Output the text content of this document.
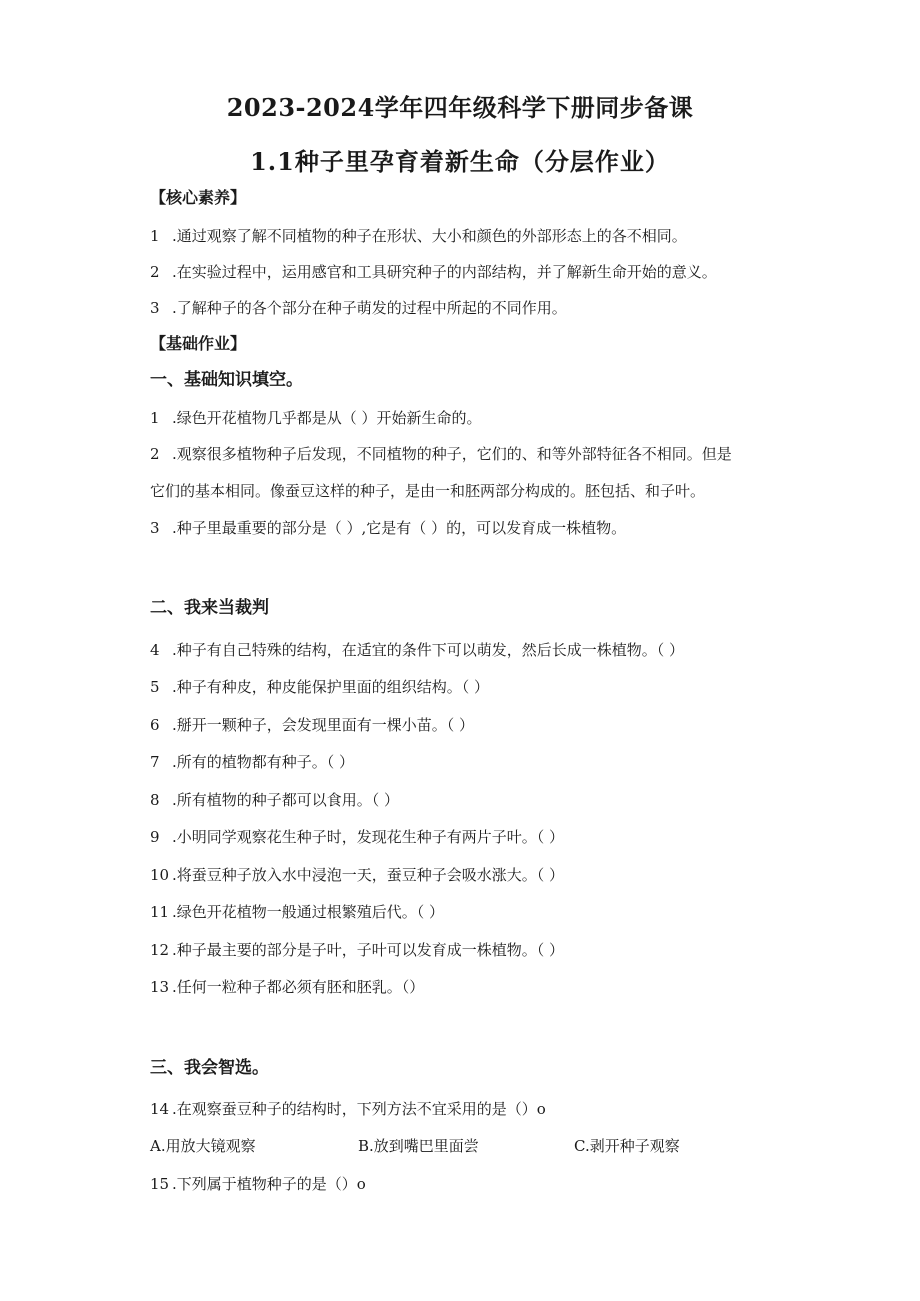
2023-2024学年四年级科学下册同步备课
1.1种子里孕育着新生命（分层作业）
【核心素养】
1 .通过观察了解不同植物的种子在形状、大小和颜色的外部形态上的各不相同。
2 .在实验过程中，运用感官和工具研究种子的内部结构，并了解新生命开始的意义。
3 .了解种子的各个部分在种子萌发的过程中所起的不同作用。
【基础作业】
一、基础知识填空。
1 .绿色开花植物几乎都是从（ ）开始新生命的。
2 .观察很多植物种子后发现，不同植物的种子，它们的、和等外部特征各不相同。但是
它们的基本相同。像蚕豆这样的种子，是由一和胚两部分构成的。胚包括、和子叶。
3 .种子里最重要的部分是（ ）,它是有（ ）的，可以发育成一株植物。
二、我来当裁判
4 .种子有自己特殊的结构，在适宜的条件下可以萌发，然后长成一株植物。（ ）
5 .种子有种皮，种皮能保护里面的组织结构。（ ）
6 .掰开一颗种子，会发现里面有一棵小苗。（ ）
7 .所有的植物都有种子。（ ）
8 .所有植物的种子都可以食用。（ ）
9 .小明同学观察花生种子时，发现花生种子有两片子叶。（ ）
10 .将蚕豆种子放入水中浸泡一天，蚕豆种子会吸水涨大。（ ）
11 .绿色开花植物一般通过根繁殖后代。（ ）
12 .种子最主要的部分是子叶，子叶可以发育成一株植物。（ ）
13 .任何一粒种子都必须有胚和胚乳。（）
三、我会智选。
14 .在观察蚕豆种子的结构时，下列方法不宜采用的是（）o
A.用放大镜观察	B.放到嘴巴里面尝	C.剥开种子观察
15 .下列属于植物种子的是（）o
